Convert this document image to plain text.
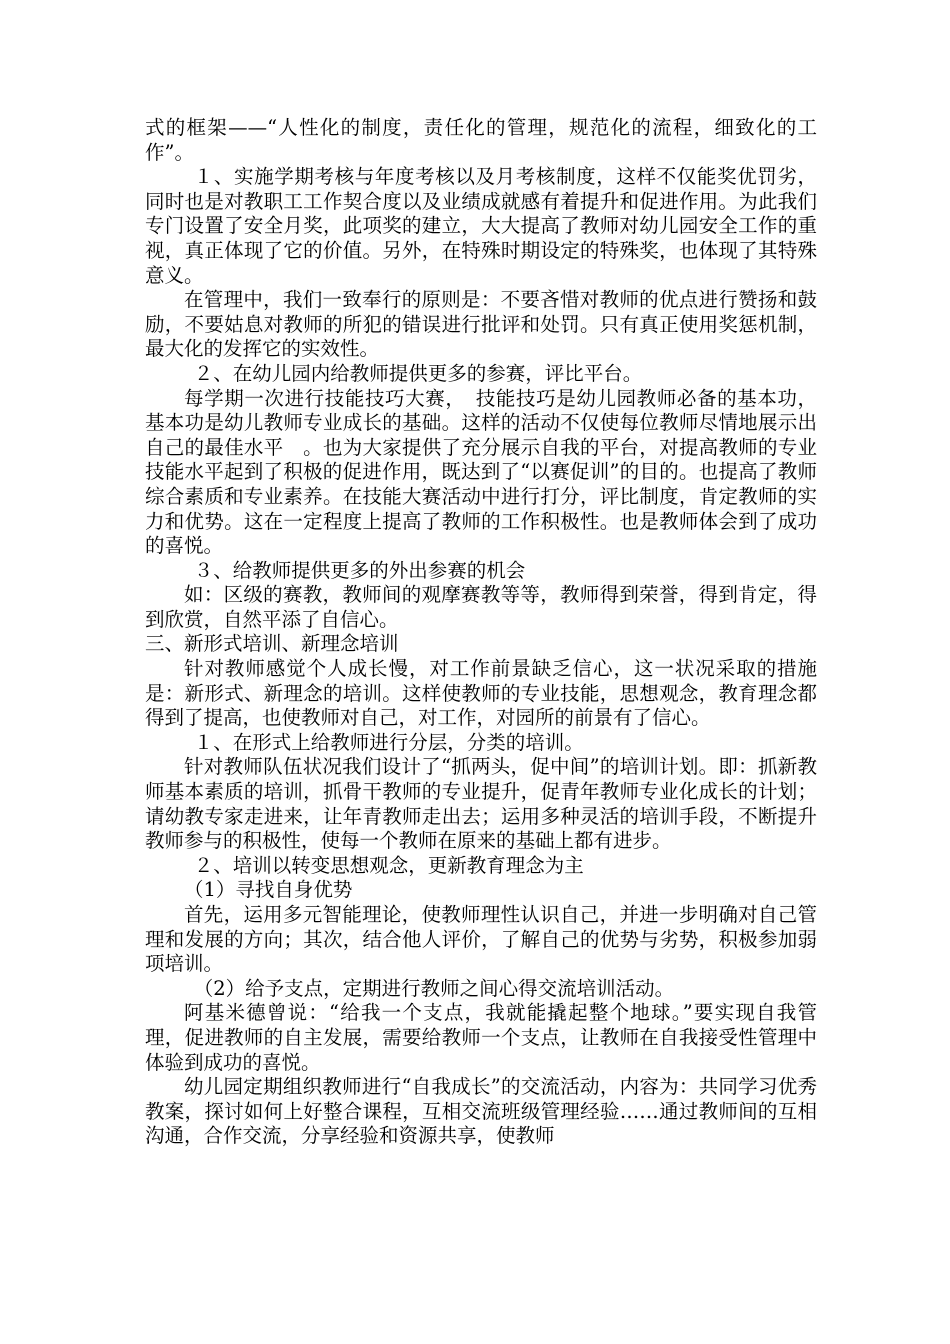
式的框架——“人性化的制度，责任化的管理，规范化的流程，细致化的工作”。

１、实施学期考核与年度考核以及月考核制度，这样不仅能奖优罚劣，同时也是对教职工工作契合度以及业绩成就感有着提升和促进作用。为此我们专门设置了安全月奖，此项奖的建立，大大提高了教师对幼儿园安全工作的重视，真正体现了它的价值。另外，在特殊时期设定的特殊奖，也体现了其特殊意义。

在管理中，我们一致奉行的原则是：不要吝惜对教师的优点进行赞扬和鼓励，不要姑息对教师的所犯的错误进行批评和处罚。只有真正使用奖惩机制，最大化的发挥它的实效性。

２、在幼儿园内给教师提供更多的参赛，评比平台。

每学期一次进行技能技巧大赛，　技能技巧是幼儿园教师必备的基本功，基本功是幼儿教师专业成长的基础。这样的活动不仅使每位教师尽情地展示出自己的最佳水平　。也为大家提供了充分展示自我的平台，对提高教师的专业技能水平起到了积极的促进作用，既达到了“以赛促训”的目的。也提高了教师综合素质和专业素养。在技能大赛活动中进行打分，评比制度，肯定教师的实力和优势。这在一定程度上提高了教师的工作积极性。也是教师体会到了成功的喜悦。

３、给教师提供更多的外出参赛的机会

如：区级的赛教，教师间的观摩赛教等等，教师得到荣誉，得到肯定，得到欣赏，自然平添了自信心。

三、新形式培训、新理念培训

针对教师感觉个人成长慢，对工作前景缺乏信心，这一状况采取的措施是：新形式、新理念的培训。这样使教师的专业技能，思想观念，教育理念都得到了提高，也使教师对自己，对工作，对园所的前景有了信心。

１、在形式上给教师进行分层，分类的培训。

针对教师队伍状况我们设计了“抓两头，促中间”的培训计划。即：抓新教师基本素质的培训，抓骨干教师的专业提升，促青年教师专业化成长的计划；请幼教专家走进来，让年青教师走出去；运用多种灵活的培训手段，不断提升教师参与的积极性，使每一个教师在原来的基础上都有进步。

２、培训以转变思想观念，更新教育理念为主

（1）寻找自身优势

首先，运用多元智能理论，使教师理性认识自己，并进一步明确对自己管理和发展的方向；其次，结合他人评价，了解自己的优势与劣势，积极参加弱项培训。

（2）给予支点，定期进行教师之间心得交流培训活动。

阿基米德曾说：“给我一个支点，我就能撬起整个地球。”要实现自我管理，促进教师的自主发展，需要给教师一个支点，让教师在自我接受性管理中体验到成功的喜悦。

幼儿园定期组织教师进行“自我成长”的交流活动，内容为：共同学习优秀教案，探讨如何上好整合课程，互相交流班级管理经验……通过教师间的互相沟通，合作交流，分享经验和资源共享，使教师
